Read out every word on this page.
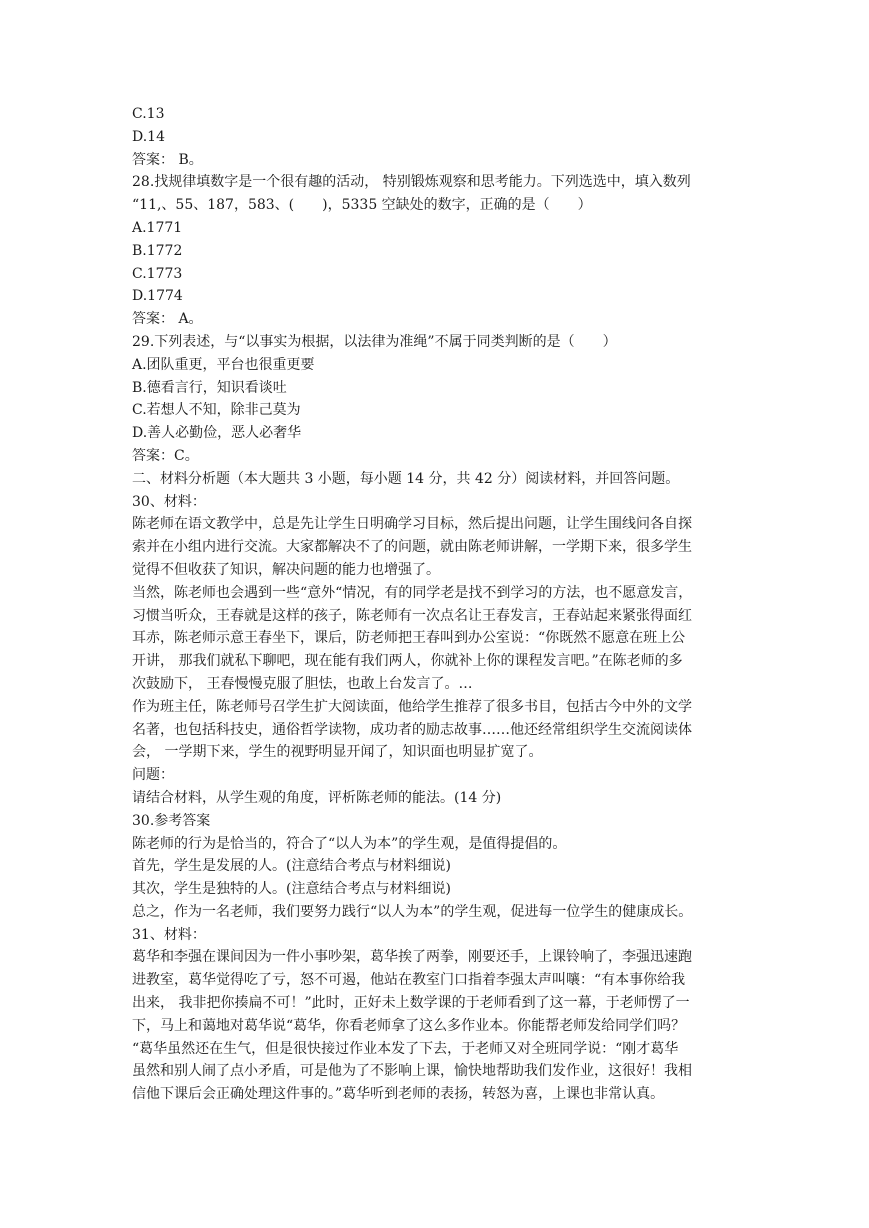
C.13
D.14
答案： B。
28.找规律填数字是一个很有趣的活动， 特别锻炼观察和思考能力。下列选选中，填入数列
“11,、55、187，583、(　　)，5335 空缺处的数字，正确的是（　　）
A.1771
B.1772
C.1773
D.1774
答案： A。
29.下列表述，与“以事实为根据，以法律为准绳”不属于同类判断的是（　　）
A.团队重更，平台也很重更要
B.德看言行，知识看谈吐
C.若想人不知，除非己莫为
D.善人必勤俭，恶人必奢华
答案：C。
二、材料分析题（本大题共 3 小题，每小题 14 分，共 42 分）阅读材料，并回答问题。
30、材料：
陈老师在语文教学中，总是先让学生日明确学习目标，然后提出问题，让学生围线问各自探
索并在小组内进行交流。大家都解决不了的问题，就由陈老师讲解，一学期下来，很多学生
觉得不但收获了知识，解决问题的能力也增强了。
当然，陈老师也会遇到一些“意外“情况，有的同学老是找不到学习的方法，也不愿意发言，
习惯当听众，王春就是这样的孩子，陈老师有一次点名让王春发言，王春站起来紧张得面红
耳赤，陈老师示意王春坐下，课后，防老师把王春叫到办公室说：“你既然不愿意在班上公
开讲， 那我们就私下聊吧，现在能有我们两人，你就补上你的课程发言吧。”在陈老师的多
次鼓励下， 王春慢慢克服了胆怯，也敢上台发言了。…
作为班主任，陈老师号召学生扩大阅读面，他给学生推荐了很多书目，包括古今中外的文学
名著，也包括科技史，通俗哲学读物，成功者的励志故事……他还经常组织学生交流阅读体
会， 一学期下来，学生的视野明显开闻了，知识面也明显扩宽了。
问题：
请结合材料，从学生观的角度，评析陈老师的能法。(14 分)
30.参考答案
陈老师的行为是恰当的，符合了“以人为本”的学生观，是值得提倡的。
首先，学生是发展的人。(注意结合考点与材料细说)
其次，学生是独特的人。(注意结合考点与材料细说)
总之，作为一名老师，我们要努力践行“以人为本”的学生观，促进每一位学生的健康成长。
31、材料：
葛华和李强在课间因为一件小事吵架，葛华挨了两拳，刚要还手，上课铃响了，李强迅速跑
进教室，葛华觉得吃了亏，怒不可遏，他站在教室门口指着李强太声叫嚷：“有本事你给我
出来， 我非把你揍扁不可！”此时，正好未上数学课的于老师看到了这一幕，于老师愣了一
下，马上和蔼地对葛华说“葛华，你看老师拿了这么多作业本。你能帮老师发给同学们吗？
“葛华虽然还在生气，但是很快接过作业本发了下去，于老师又对全班同学说：“刚才葛华
虽然和别人闹了点小矛盾，可是他为了不影响上课，愉快地帮助我们发作业，这很好！我相
信他下课后会正确处理这件事的。”葛华听到老师的表扬，转怒为喜，上课也非常认真。
